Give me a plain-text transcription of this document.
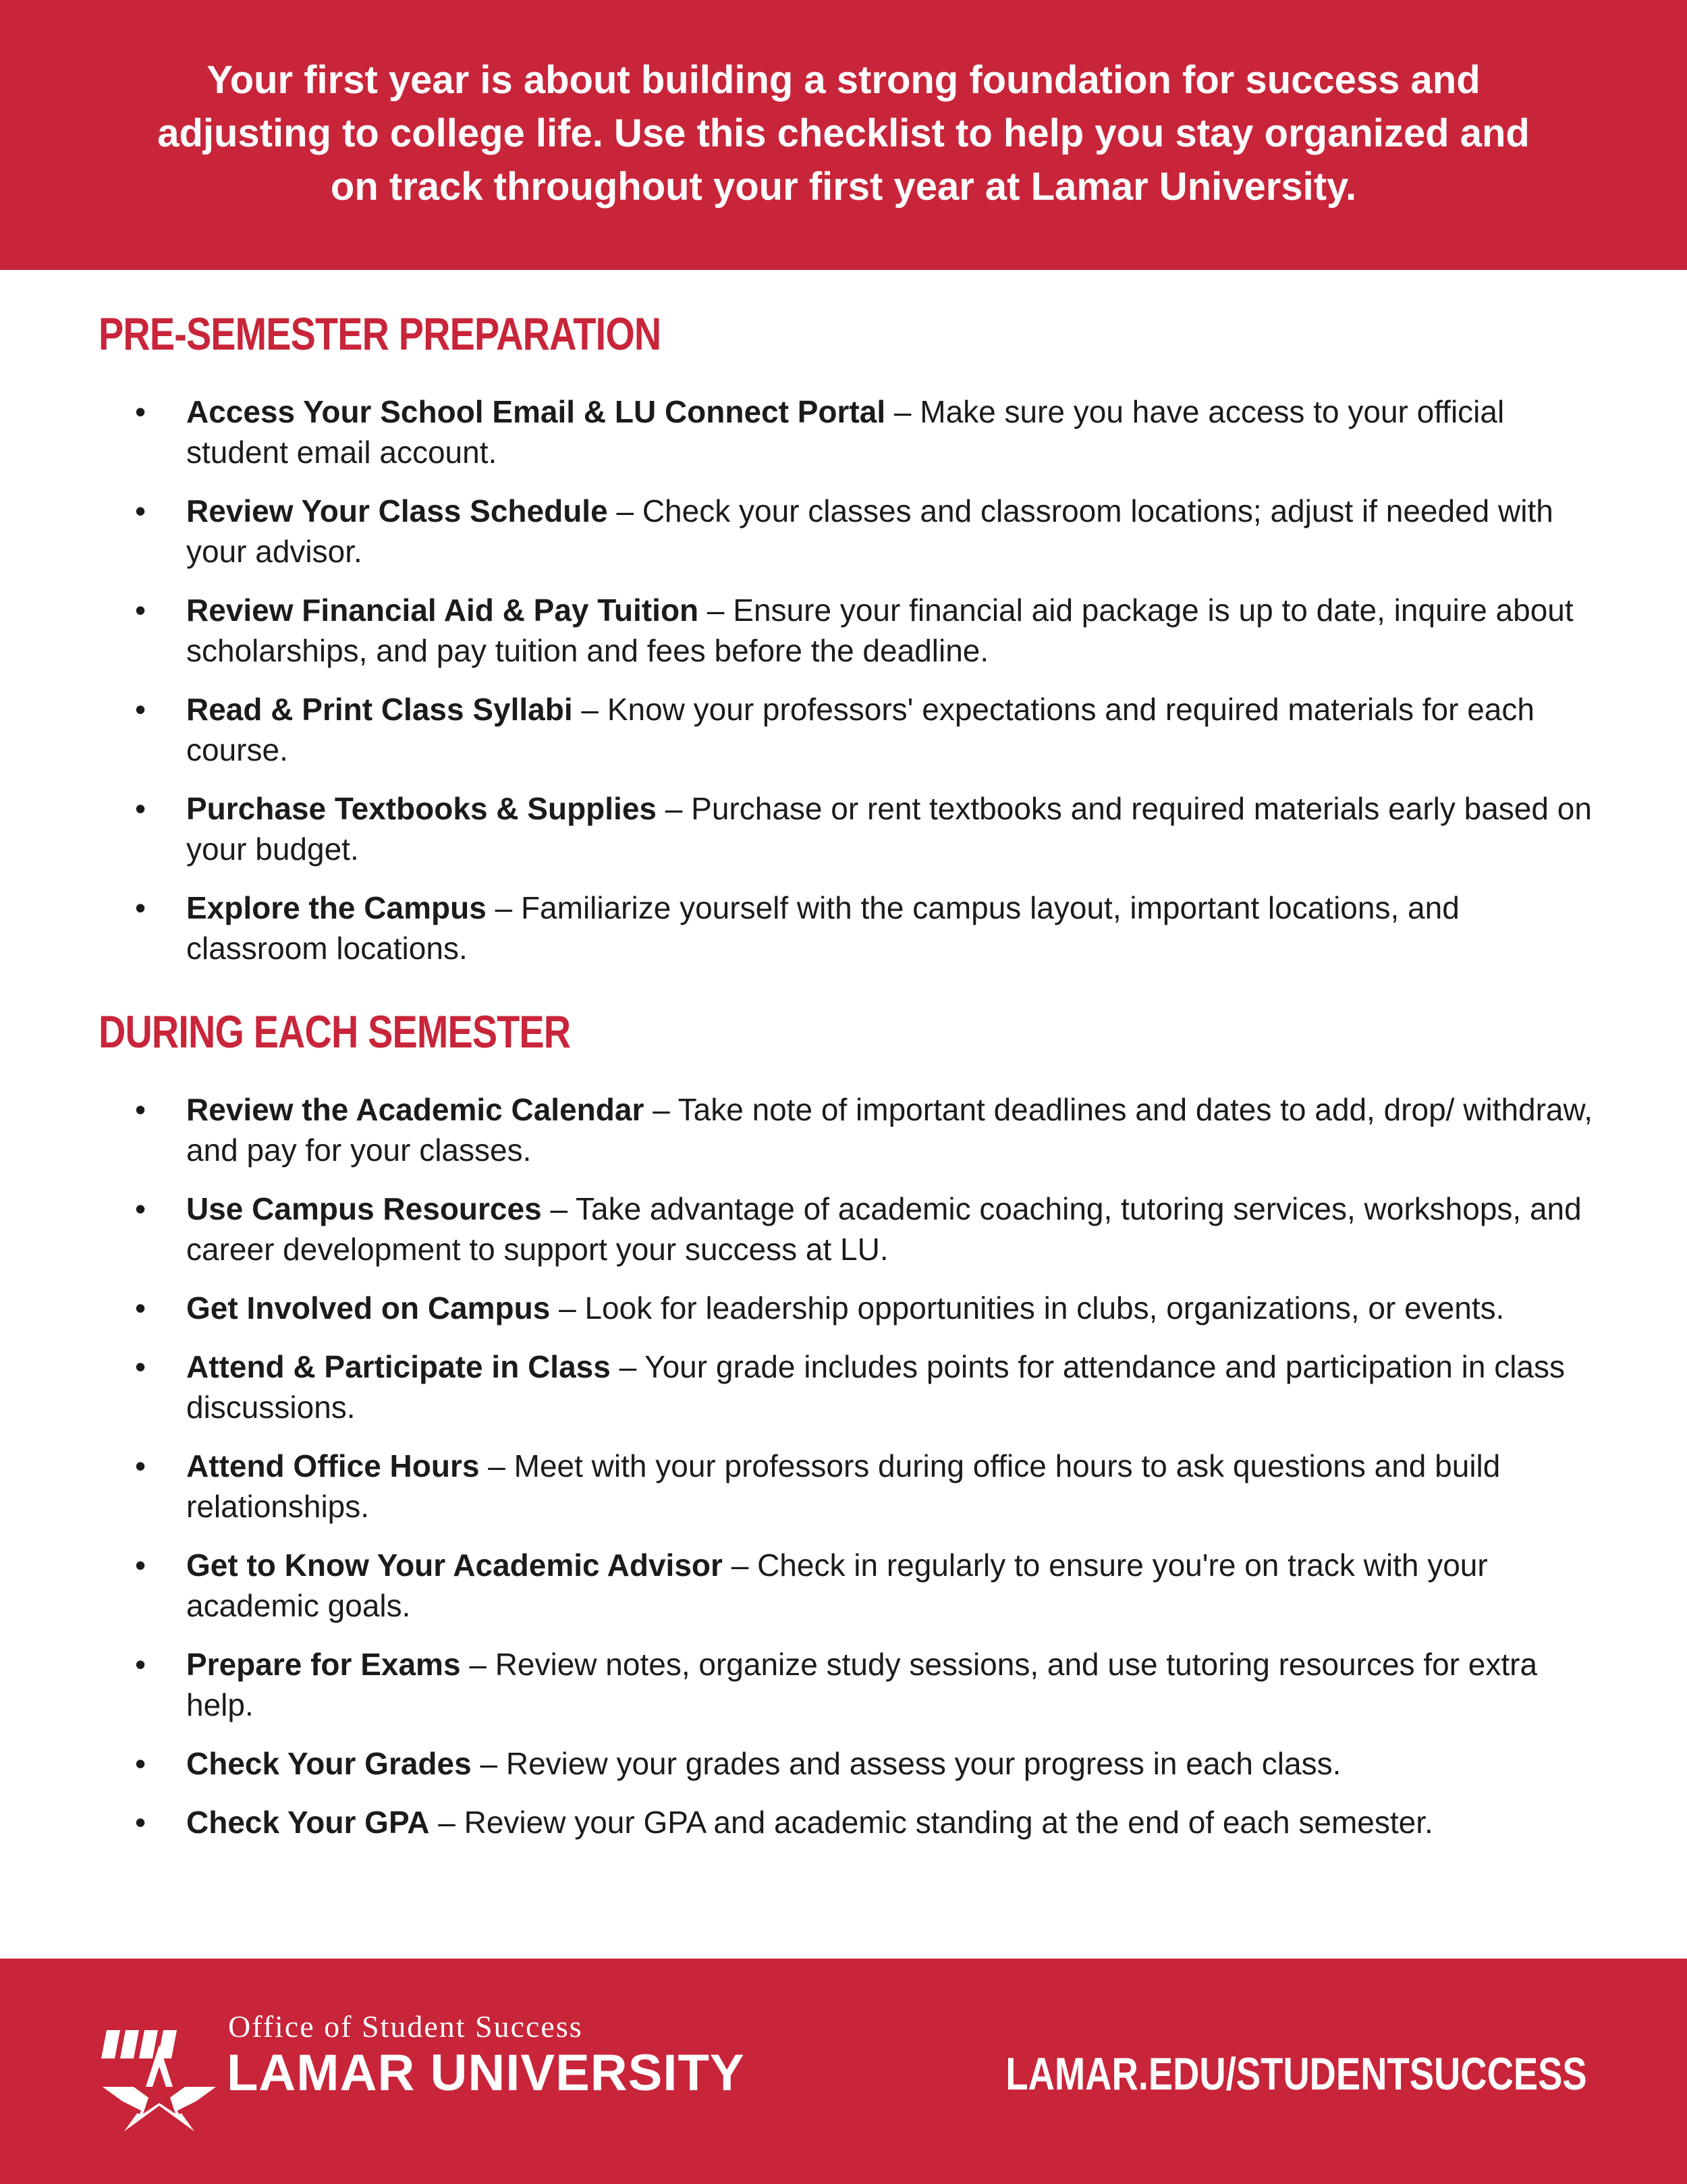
Your first year is about building a strong foundation for success and adjusting to college life. Use this checklist to help you stay organized and on track throughout your first year at Lamar University.

PRE-SEMESTER PREPARATION
• Access Your School Email & LU Connect Portal – Make sure you have access to your official student email account.
• Review Your Class Schedule – Check your classes and classroom locations; adjust if needed with your advisor.
• Review Financial Aid & Pay Tuition – Ensure your financial aid package is up to date, inquire about scholarships, and pay tuition and fees before the deadline.
• Read & Print Class Syllabi – Know your professors' expectations and required materials for each course.
• Purchase Textbooks & Supplies – Purchase or rent textbooks and required materials early based on your budget.
• Explore the Campus – Familiarize yourself with the campus layout, important locations, and classroom locations.
DURING EACH SEMESTER
• Review the Academic Calendar – Take note of important deadlines and dates to add, drop/ withdraw, and pay for your classes.
• Use Campus Resources – Take advantage of academic coaching, tutoring services, workshops, and career development to support your success at LU.
• Get Involved on Campus – Look for leadership opportunities in clubs, organizations, or events.
• Attend & Participate in Class – Your grade includes points for attendance and participation in class discussions.
• Attend Office Hours – Meet with your professors during office hours to ask questions and build relationships.
• Get to Know Your Academic Advisor – Check in regularly to ensure you're on track with your academic goals.
• Prepare for Exams – Review notes, organize study sessions, and use tutoring resources for extra help.
• Check Your Grades – Review your grades and assess your progress in each class.
• Check Your GPA – Review your GPA and academic standing at the end of each semester.
Office of Student Success
LAMAR UNIVERSITY	LAMAR.EDU/STUDENTSUCCESS
